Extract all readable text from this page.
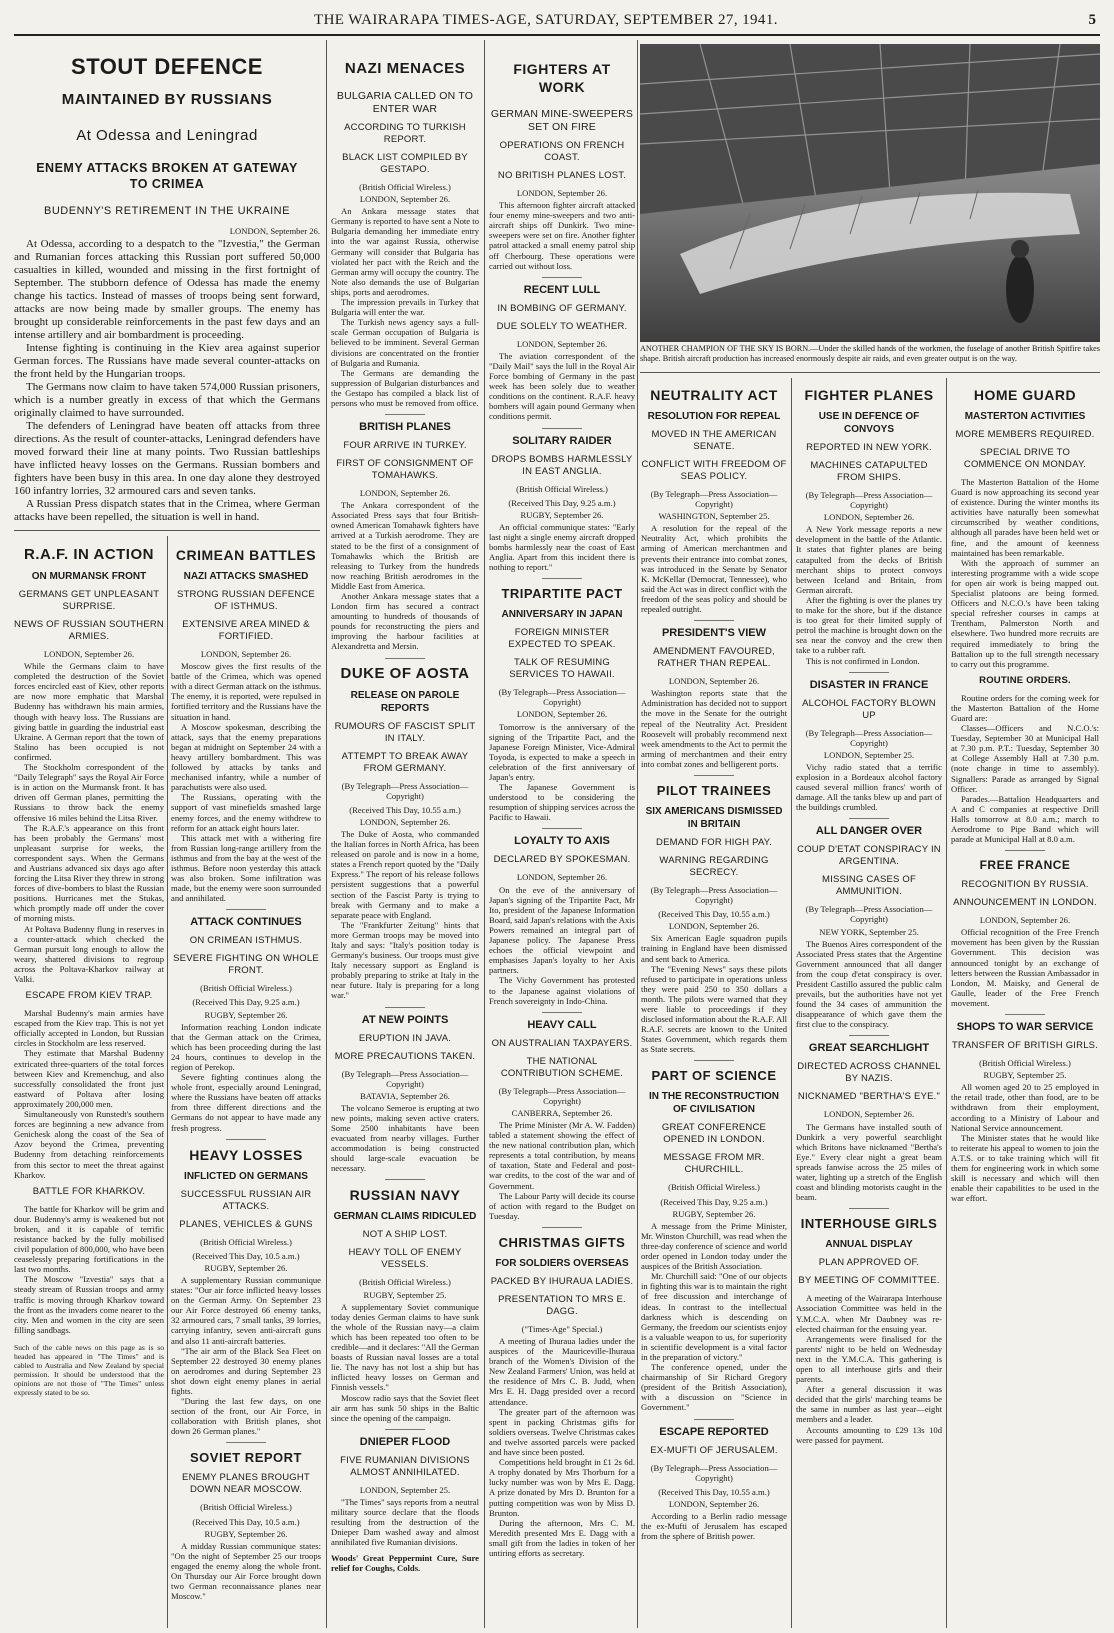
THE WAIRARAPA TIMES-AGE, SATURDAY, SEPTEMBER 27, 1941.	5
STOUT DEFENCE
MAINTAINED BY RUSSIANS
At Odessa and Leningrad
ENEMY ATTACKS BROKEN AT GATEWAY TO CRIMEA
BUDENNY'S RETIREMENT IN THE UKRAINE
LONDON, September 26.

At Odessa, according to a despatch to the "Izvestia," the German and Rumanian forces attacking this Russian port suffered 50,000 casualties in killed, wounded and missing in the first fortnight of September. The stubborn defence of Odessa has made the enemy change his tactics. Instead of masses of troops being sent forward, attacks are now being made by smaller groups. The enemy has brought up considerable reinforcements in the past few days and an intense artillery and air bombardment is proceeding.

Intense fighting is continuing in the Kiev area against superior German forces. The Russians have made several counter-attacks on the front held by the Hungarian troops.

The Germans now claim to have taken 574,000 Russian prisoners, which is a number greatly in excess of that which the Germans originally claimed to have surrounded.

The defenders of Leningrad have beaten off attacks from three directions. As the result of counter-attacks, Leningrad defenders have moved forward their line at many points. Two Russian battleships have inflicted heavy losses on the Germans. Russian bombers and fighters have been busy in this area. In one day alone they destroyed 160 infantry lorries, 32 armoured cars and seven tanks.

A Russian Press dispatch states that in the Crimea, where German attacks have been repelled, the situation is well in hand.

R.A.F. IN ACTION
ON MURMANSK FRONT
GERMANS GET UNPLEASANT SURPRISE.
NEWS OF RUSSIAN SOUTHERN ARMIES.
LONDON, September 26.

While the Germans claim to have completed the destruction of the Soviet forces encircled east of Kiev, other reports are now more emphatic that Marshal Budenny has withdrawn his main armies, though with heavy loss. The Russians are giving battle in guarding the industrial east Ukraine. A German report that the town of Stalino has been occupied is not confirmed.

The Stockholm correspondent of the "Daily Telegraph" says the Royal Air Force is in action on the Murmansk front. It has driven off German planes, permitting the Russians to throw back the enemy offensive 16 miles behind the Litsa River.

The R.A.F.'s appearance on this front has been probably the Germans' most unpleasant surprise for weeks, the correspondent says. When the Germans and Austrians advanced six days ago after forcing the Litsa River they threw in strong forces of dive-bombers to blast the Russian positions. Hurricanes met the Stukas, which promptly made off under the cover of morning mists.

At Poltava Budenny flung in reserves in a counter-attack which checked the German pursuit long enough to allow the weary, shattered divisions to regroup across the Poltava-Kharkov railway at Valki.

ESCAPE FROM KIEV TRAP.

Marshal Budenny's main armies have escaped from the Kiev trap. This is not yet officially accepted in London, but Russian circles in Stockholm are less reserved.

They estimate that Marshal Budenny extricated three-quarters of the total forces between Kiev and Kremenchug, and also successfully consolidated the front just eastward of Poltava after losing approximately 200,000 men.

Simultaneously von Runstedt's southern forces are beginning a new advance from Genichesk along the coast of the Sea of Azov beyond the Crimea, preventing Budenny from detaching reinforcements from this sector to meet the threat against Kharkov.

BATTLE FOR KHARKOV.

The battle for Kharkov will be grim and dour. Budenny's army is weakened but not broken, and it is capable of terrific resistance backed by the fully mobilised civil population of 800,000, who have been ceaselessly preparing fortifications in the last two months.

The Moscow "Izvestia" says that a steady stream of Russian troops and army traffic is moving through Kharkov toward the front as the invaders come nearer to the city. Men and women in the city are seen filling sandbags.

Such of the cable news on this page as is so headed has appeared in "The Times" and is cabled to Australia and New Zealand by special permission. It should be understood that the opinions are not those of "The Times" unless expressly stated to be so.

CRIMEAN BATTLES
NAZI ATTACKS SMASHED
STRONG RUSSIAN DEFENCE OF ISTHMUS.
EXTENSIVE AREA MINED & FORTIFIED.
LONDON, September 26.

Moscow gives the first results of the battle of the Crimea, which was opened with a direct German attack on the isthmus. The enemy, it is reported, were repulsed in fortified territory and the Russians have the situation in hand.

A Moscow spokesman, describing the attack, says that the enemy preparations began at midnight on September 24 with a heavy artillery bombardment. This was followed by attacks by tanks and mechanised infantry, while a number of parachutists were also used.

The Russians, operating with the support of vast minefields smashed large enemy forces, and the enemy withdrew to reform for an attack eight hours later.

This attack met with a withering fire from Russian long-range artillery from the isthmus and from the bay at the west of the isthmus. Before noon yesterday this attack was also broken. Some infiltration was made, but the enemy were soon surrounded and annihilated.

ATTACK CONTINUES
ON CRIMEAN ISTHMUS.
SEVERE FIGHTING ON WHOLE FRONT.
(British Official Wireless.)
(Received This Day, 9.25 a.m.)
RUGBY, September 26.

Information reaching London indicate that the German attack on the Crimea, which has been proceeding during the last 24 hours, continues to develop in the region of Perekop.

Severe fighting continues along the whole front, especially around Leningrad, where the Russians have beaten off attacks from three different directions and the Germans do not appear to have made any fresh progress.

HEAVY LOSSES
INFLICTED ON GERMANS
SUCCESSFUL RUSSIAN AIR ATTACKS.
PLANES, VEHICLES & GUNS
(British Official Wireless.)
(Received This Day, 10.5 a.m.)
RUGBY, September 26.

A supplementary Russian communique states: "Our air force inflicted heavy losses on the German Army. On September 23 our Air Force destroyed 66 enemy tanks, 32 armoured cars, 7 small tanks, 39 lorries, carrying infantry, seven anti-aircraft guns and also 11 anti-aircraft batteries.

"The air arm of the Black Sea Fleet on September 22 destroyed 30 enemy planes on aerodromes and during September 23 shot down eight enemy planes in aerial fights.

"During the last few days, on one section of the front, our Air Force, in collaboration with British planes, shot down 26 German planes."

SOVIET REPORT
ENEMY PLANES BROUGHT DOWN NEAR MOSCOW.
(British Official Wireless.)
(Received This Day, 10.5 a.m.)
RUGBY, September 26.

A midday Russian communique states: "On the night of September 25 our troops engaged the enemy along the whole front. On Thursday our Air Force brought down two German reconnaissance planes near Moscow."

NAZI MENACES
BULGARIA CALLED ON TO ENTER WAR
ACCORDING TO TURKISH REPORT.
BLACK LIST COMPILED BY GESTAPO.
(British Official Wireless.)
LONDON, September 26.

An Ankara message states that Germany is reported to have sent a Note to Bulgaria demanding her immediate entry into the war against Russia, otherwise Germany will consider that Bulgaria has violated her pact with the Reich and the German army will occupy the country. The Note also demands the use of Bulgarian ships, ports and aerodromes.

The impression prevails in Turkey that Bulgaria will enter the war.

The Turkish news agency says a full-scale German occupation of Bulgaria is believed to be imminent. Several German divisions are concentrated on the frontier of Bulgaria and Rumania.

The Germans are demanding the suppression of Bulgarian disturbances and the Gestapo has compiled a black list of persons who must be removed from office.

BRITISH PLANES
FOUR ARRIVE IN TURKEY.
FIRST OF CONSIGNMENT OF TOMAHAWKS.
LONDON, September 26.

The Ankara correspondent of the Associated Press says that four British-owned American Tomahawk fighters have arrived at a Turkish aerodrome. They are stated to be the first of a consignment of Tomahawks which the British are releasing to Turkey from the hundreds now reaching British aerodromes in the Middle East from America.

Another Ankara message states that a London firm has secured a contract amounting to hundreds of thousands of pounds for reconstructing the piers and improving the harbour facilities at Alexandretta and Mersin.

DUKE OF AOSTA
RELEASE ON PAROLE REPORTS
RUMOURS OF FASCIST SPLIT IN ITALY.
ATTEMPT TO BREAK AWAY FROM GERMANY.
(By Telegraph—Press Association—Copyright)
(Received This Day, 10.55 a.m.)
LONDON, September 26.

The Duke of Aosta, who commanded the Italian forces in North Africa, has been released on parole and is now in a home, states a French report quoted by the "Daily Express." The report of his release follows persistent suggestions that a powerful section of the Fascist Party is trying to break with Germany and to make a separate peace with England.

The "Frankfurter Zeitung" hints that more German troops may be moved into Italy and says: "Italy's position today is Germany's business. Our troops must give Italy necessary support as England is probably preparing to strike at Italy in the near future. Italy is preparing for a long war."

AT NEW POINTS
ERUPTION IN JAVA.
MORE PRECAUTIONS TAKEN.
(By Telegraph—Press Association—Copyright)
BATAVIA, September 26.

The volcano Semeroe is erupting at two new points, making seven active craters. Some 2500 inhabitants have been evacuated from nearby villages. Further accommodation is being constructed should large-scale evacuation be necessary.

RUSSIAN NAVY
GERMAN CLAIMS RIDICULED
NOT A SHIP LOST.
HEAVY TOLL OF ENEMY VESSELS.
(British Official Wireless.)
RUGBY, September 25.

A supplementary Soviet communique today denies German claims to have sunk the whole of the Russian navy—a claim which has been repeated too often to be credible—and it declares: "All the German boasts of Russian naval losses are a total lie. The navy has not lost a ship but has inflicted heavy losses on German and Finnish vessels."

Moscow radio says that the Soviet fleet air arm has sunk 50 ships in the Baltic since the opening of the campaign.

DNIEPER FLOOD
FIVE RUMANIAN DIVISIONS ALMOST ANNIHILATED.
LONDON, September 25.

"The Times" says reports from a neutral military source declare that the floods resulting from the destruction of the Dnieper Dam washed away and almost annihilated five Rumanian divisions.

Woods' Great Peppermint Cure, Sure relief for Coughs, Colds.

FIGHTERS AT WORK
GERMAN MINE-SWEEPERS SET ON FIRE
OPERATIONS ON FRENCH COAST.
NO BRITISH PLANES LOST.
LONDON, September 26.

This afternoon fighter aircraft attacked four enemy mine-sweepers and two anti-aircraft ships off Dunkirk. Two mine-sweepers were set on fire. Another fighter patrol attacked a small enemy patrol ship off Cherbourg. These operations were carried out without loss.

RECENT LULL
IN BOMBING OF GERMANY.
DUE SOLELY TO WEATHER.
LONDON, September 26.

The aviation correspondent of the "Daily Mail" says the lull in the Royal Air Force bombing of Germany in the past week has been solely due to weather conditions on the continent. R.A.F. heavy bombers will again pound Germany when conditions permit.

SOLITARY RAIDER
DROPS BOMBS HARMLESSLY IN EAST ANGLIA.
(British Official Wireless.)
(Received This Day, 9.25 a.m.)
RUGBY, September 26.

An official communique states: "Early last night a single enemy aircraft dropped bombs harmlessly near the coast of East Anglia. Apart from this incident there is nothing to report."

TRIPARTITE PACT
ANNIVERSARY IN JAPAN
FOREIGN MINISTER EXPECTED TO SPEAK.
TALK OF RESUMING SERVICES TO HAWAII.
(By Telegraph—Press Association—Copyright)
LONDON, September 26.

Tomorrow is the anniversary of the signing of the Tripartite Pact, and the Japanese Foreign Minister, Vice-Admiral Toyoda, is expected to make a speech in celebration of the first anniversary of Japan's entry.

The Japanese Government is understood to be considering the resumption of shipping services across the Pacific to Hawaii.

LOYALTY TO AXIS
DECLARED BY SPOKESMAN.
LONDON, September 26.

On the eve of the anniversary of Japan's signing of the Tripartite Pact, Mr Ito, president of the Japanese Information Board, said Japan's relations with the Axis Powers remained an integral part of Japanese policy. The Japanese Press echoes the official viewpoint and emphasises Japan's loyalty to her Axis partners.

The Vichy Government has protested to the Japanese against violations of French sovereignty in Indo-China.

HEAVY CALL
ON AUSTRALIAN TAXPAYERS.
THE NATIONAL CONTRIBUTION SCHEME.
(By Telegraph—Press Association—Copyright)
CANBERRA, September 26.

The Prime Minister (Mr A. W. Fadden) tabled a statement showing the effect of the new national contribution plan, which represents a total contribution, by means of taxation, State and Federal and post-war credits, to the cost of the war and of Government.

The Labour Party will decide its course of action with regard to the Budget on Tuesday.

CHRISTMAS GIFTS
FOR SOLDIERS OVERSEAS
PACKED BY IHURAUA LADIES.
PRESENTATION TO MRS E. DAGG.
("Times-Age" Special.)

A meeting of Ihuraua ladies under the auspices of the Mauriceville-Ihuraua branch of the Women's Division of the New Zealand Farmers' Union, was held at the residence of Mrs C. B. Judd, when Mrs E. H. Dagg presided over a record attendance.

The greater part of the afternoon was spent in packing Christmas gifts for soldiers overseas. Twelve Christmas cakes and twelve assorted parcels were packed and have since been posted.

Competitions held brought in £1 2s 6d. A trophy donated by Mrs Thorburn for a lucky number was won by Mrs E. Dagg. A prize donated by Mrs D. Brunton for a putting competition was won by Miss D. Brunton.

During the afternoon, Mrs C. M. Meredith presented Mrs E. Dagg with a small gift from the ladies in token of her untiring efforts as secretary.

ANOTHER CHAMPION OF THE SKY IS BORN.—Under the skilled hands of the workmen, the fuselage of another British Spitfire takes shape. British aircraft production has increased enormously despite air raids, and even greater output is on the way.
NEUTRALITY ACT
RESOLUTION FOR REPEAL
MOVED IN THE AMERICAN SENATE.
CONFLICT WITH FREEDOM OF SEAS POLICY.
(By Telegraph—Press Association—Copyright)
WASHINGTON, September 25.

A resolution for the repeal of the Neutrality Act, which prohibits the arming of American merchantmen and prevents their entrance into combat zones, was introduced in the Senate by Senator K. McKellar (Democrat, Tennessee), who said the Act was in direct conflict with the freedom of the seas policy and should be repealed outright.

PRESIDENT'S VIEW
AMENDMENT FAVOURED, RATHER THAN REPEAL.
LONDON, September 26.

Washington reports state that the Administration has decided not to support the move in the Senate for the outright repeal of the Neutrality Act. President Roosevelt will probably recommend next week amendments to the Act to permit the arming of merchantmen and their entry into combat zones and belligerent ports.

PILOT TRAINEES
SIX AMERICANS DISMISSED IN BRITAIN
DEMAND FOR HIGH PAY.
WARNING REGARDING SECRECY.
(By Telegraph—Press Association—Copyright)
(Received This Day, 10.55 a.m.)
LONDON, September 26.

Six American Eagle squadron pupils training in England have been dismissed and sent back to America.

The "Evening News" says these pilots refused to participate in operations unless they were paid 250 to 350 dollars a month. The pilots were warned that they were liable to proceedings if they disclosed information about the R.A.F. All R.A.F. secrets are known to the United States Government, which regards them as State secrets.

PART OF SCIENCE
IN THE RECONSTRUCTION OF CIVILISATION
GREAT CONFERENCE OPENED IN LONDON.
MESSAGE FROM MR. CHURCHILL.
(British Official Wireless.)
(Received This Day, 9.25 a.m.)
RUGBY, September 26.

A message from the Prime Minister, Mr. Winston Churchill, was read when the three-day conference of science and world order opened in London today under the auspices of the British Association.

Mr. Churchill said: "One of our objects in fighting this war is to maintain the right of free discussion and interchange of ideas. In contrast to the intellectual darkness which is descending on Germany, the freedom our scientists enjoy is a valuable weapon to us, for superiority in scientific development is a vital factor in the preparation of victory."

The conference opened, under the chairmanship of Sir Richard Gregory (president of the British Association), with a discussion on "Science in Government."

ESCAPE REPORTED
EX-MUFTI OF JERUSALEM.
(By Telegraph—Press Association—Copyright)
(Received This Day, 10.55 a.m.)
LONDON, September 26.

According to a Berlin radio message the ex-Mufti of Jerusalem has escaped from the sphere of British power.

FIGHTER PLANES
USE IN DEFENCE OF CONVOYS
REPORTED IN NEW YORK.
MACHINES CATAPULTED FROM SHIPS.
(By Telegraph—Press Association—Copyright)
LONDON, September 26.

A New York message reports a new development in the battle of the Atlantic. It states that fighter planes are being catapulted from the decks of British merchant ships to protect convoys between Iceland and Britain, from German aircraft.

After the fighting is over the planes try to make for the shore, but if the distance is too great for their limited supply of petrol the machine is brought down on the sea near the convoy and the crew then take to a rubber raft.

This is not confirmed in London.

DISASTER IN FRANCE
ALCOHOL FACTORY BLOWN UP
(By Telegraph—Press Association—Copyright)
LONDON, September 25.

Vichy radio stated that a terrific explosion in a Bordeaux alcohol factory caused several million francs' worth of damage. All the tanks blew up and part of the buildings crumbled.

ALL DANGER OVER
COUP D'ETAT CONSPIRACY IN ARGENTINA.
MISSING CASES OF AMMUNITION.
(By Telegraph—Press Association—Copyright)
NEW YORK, September 25.

The Buenos Aires correspondent of the Associated Press states that the Argentine Government announced that all danger from the coup d'etat conspiracy is over. President Castillo assured the public calm prevails, but the authorities have not yet found the 34 cases of ammunition the disappearance of which gave them the first clue to the conspiracy.

GREAT SEARCHLIGHT
DIRECTED ACROSS CHANNEL BY NAZIS.
NICKNAMED "BERTHA'S EYE."
LONDON, September 26.

The Germans have installed south of Dunkirk a very powerful searchlight which Britons have nicknamed "Bertha's Eye." Every clear night a great beam spreads fanwise across the 25 miles of water, lighting up a stretch of the English coast and blinding motorists caught in the beam.

INTERHOUSE GIRLS
ANNUAL DISPLAY
PLAN APPROVED OF.
BY MEETING OF COMMITTEE.

A meeting of the Wairarapa Interhouse Association Committee was held in the Y.M.C.A. when Mr Daubney was re-elected chairman for the ensuing year.

Arrangements were finalised for the parents' night to be held on Wednesday next in the Y.M.C.A. This gathering is open to all interhouse girls and their parents.

After a general discussion it was decided that the girls' marching teams be the same in number as last year—eight members and a leader.

Accounts amounting to £29 13s 10d were passed for payment.

HOME GUARD
MASTERTON ACTIVITIES
MORE MEMBERS REQUIRED.
SPECIAL DRIVE TO COMMENCE ON MONDAY.

The Masterton Battalion of the Home Guard is now approaching its second year of existence. During the winter months its activities have naturally been somewhat circumscribed by weather conditions, although all parades have been held wet or fine, and the amount of keenness maintained has been remarkable.

With the approach of summer an interesting programme with a wide scope for open air work is being mapped out. Specialist platoons are being formed. Officers and N.C.O.'s have been taking special refresher courses in camps at Trentham, Palmerston North and elsewhere. Two hundred more recruits are required immediately to bring the Battalion up to the full strength necessary to carry out this programme.

ROUTINE ORDERS.

Routine orders for the coming week for the Masterton Battalion of the Home Guard are:

Classes—Officers and N.C.O.'s: Tuesday, September 30 at Municipal Hall at 7.30 p.m. P.T.: Tuesday, September 30 at College Assembly Hall at 7.30 p.m. (note change in time to assembly). Signallers: Parade as arranged by Signal Officer.

Parades.—Battalion Headquarters and A and C companies at respective Drill Halls tomorrow at 8.0 a.m.; march to Aerodrome to Pipe Band which will parade at Municipal Hall at 8.0 a.m.

FREE FRANCE
RECOGNITION BY RUSSIA.
ANNOUNCEMENT IN LONDON.
LONDON, September 26.

Official recognition of the Free French movement has been given by the Russian Government. This decision was announced tonight by an exchange of letters between the Russian Ambassador in London, M. Maisky, and General de Gaulle, leader of the Free French movement.

SHOPS TO WAR SERVICE
TRANSFER OF BRITISH GIRLS.
(British Official Wireless.)
RUGBY, September 25.

All women aged 20 to 25 employed in the retail trade, other than food, are to be withdrawn from their employment, according to a Ministry of Labour and National Service announcement.

The Minister states that he would like to reiterate his appeal to women to join the A.T.S. or to take training which will fit them for engineering work in which some skill is necessary and which will then enable their capabilities to be used in the war effort.
